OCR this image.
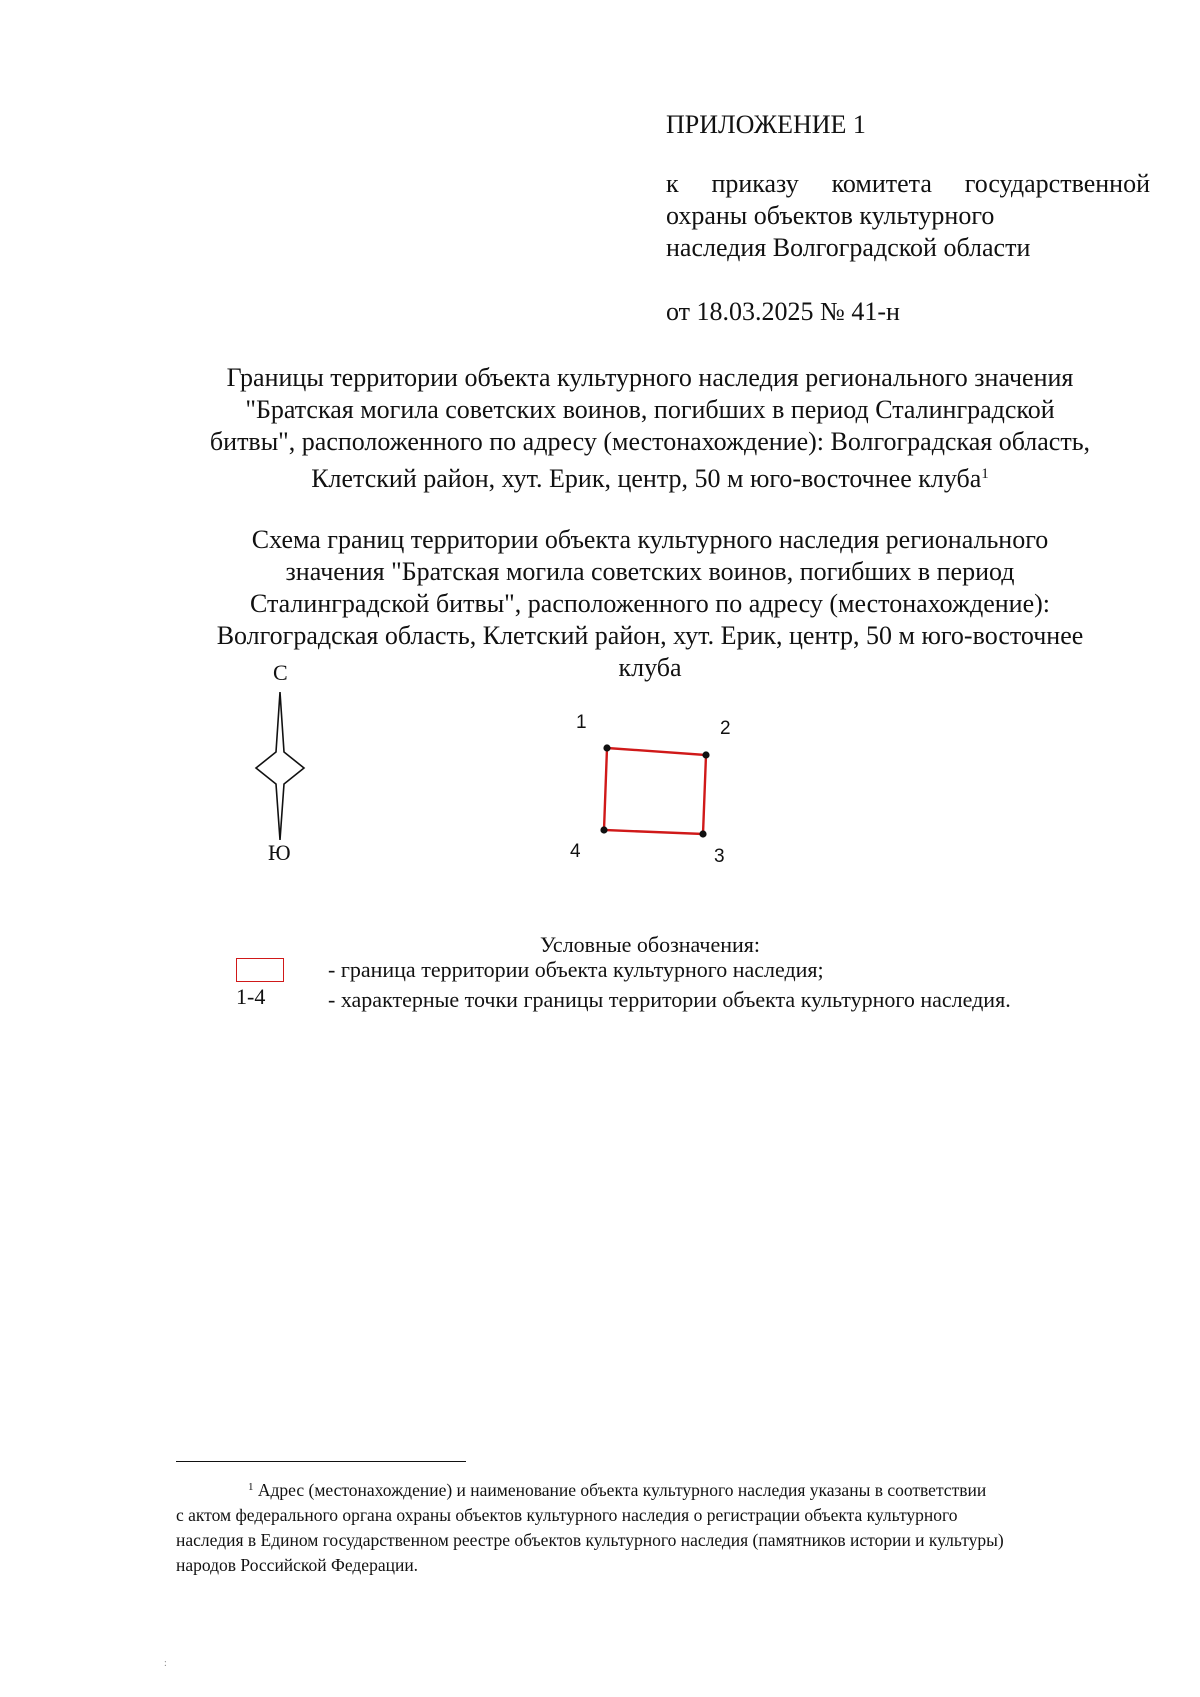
ПРИЛОЖЕНИЕ 1
к приказу комитета государственной
охраны объектов культурного
наследия Волгоградской области
от 18.03.2025 № 41-н
Границы территории объекта культурного наследия регионального значения
"Братская могила советских воинов, погибших в период Сталинградской
битвы", расположенного по адресу (местонахождение): Волгоградская область,
Клетский район, хут. Ерик, центр, 50 м юго-восточнее клуба$^1$
Схема границ территории объекта культурного наследия регионального
значения "Братская могила советских воинов, погибших в период
Сталинградской битвы", расположенного по адресу (местонахождение):
Волгоградская область, Клетский район, хут. Ерик, центр, 50 м юго-восточнее
клуба
С
Ю
1	2
3
4
Условные обозначения:
- граница территории объекта культурного наследия;
1-4	- характерные точки границы территории объекта культурного наследия.
$^1$ Адрес (местонахождение) и наименование объекта культурного наследия указаны в соответствии
с актом федерального органа охраны объектов культурного наследия о регистрации объекта культурного
наследия в Едином государственном реестре объектов культурного наследия (памятников истории и культуры)
народов Российской Федерации.
:
